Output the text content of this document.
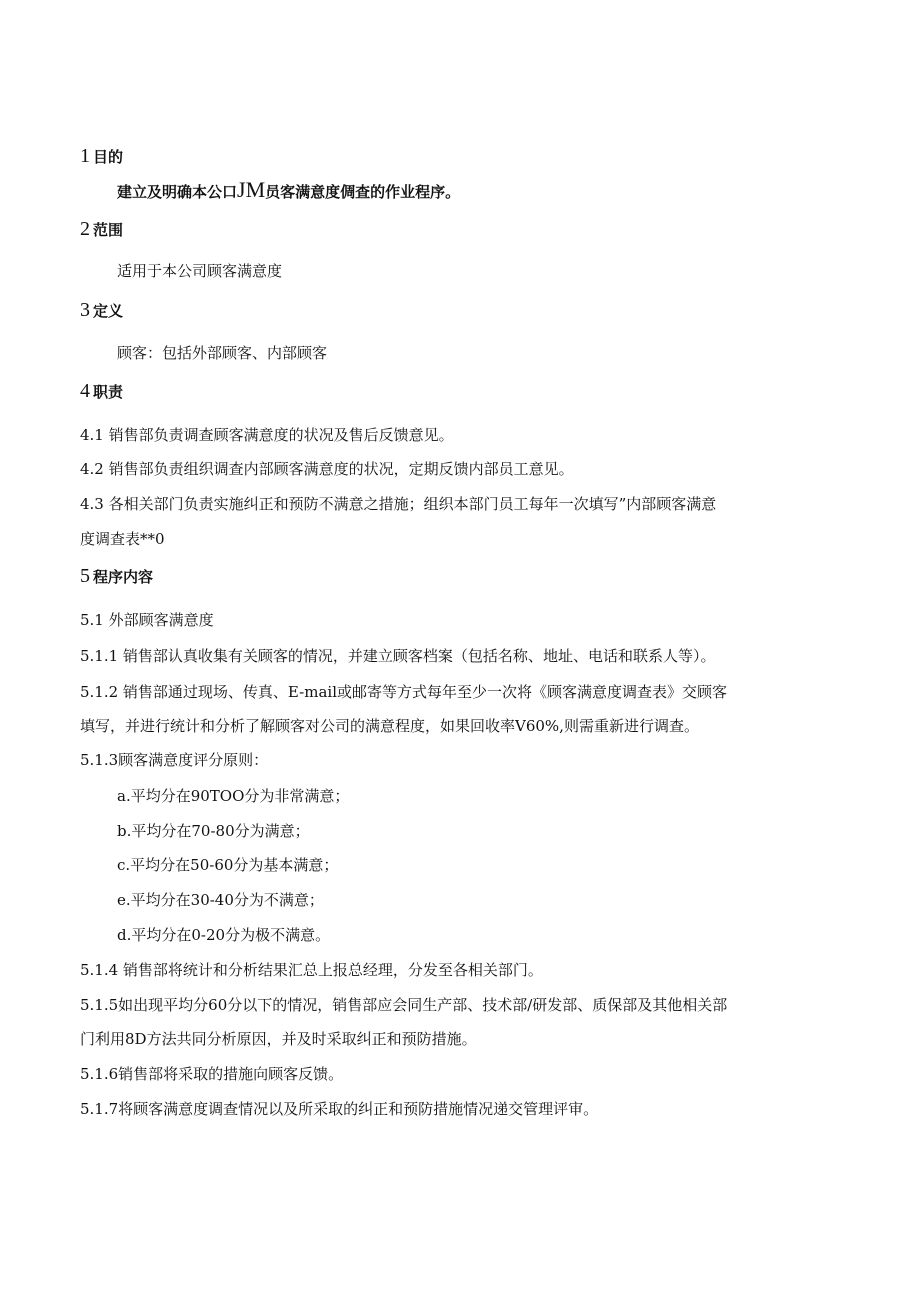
1 目的
建立及明确本公口JM员客满意度倜查的作业程序。
2 范围
适用于本公司顾客满意度
3 定义
顾客：包括外部顾客、内部顾客
4 职责
4.1 销售部负责调查顾客满意度的状况及售后反馈意见。
4.2 销售部负责组织调查内部顾客满意度的状况，定期反馈内部员工意见。
4.3 各相关部门负责实施纠正和预防不满意之措施；组织本部门员工每年一次填写”内部顾客满意
度调查表**0
5 程序内容
5.1 外部顾客满意度
5.1.1 销售部认真收集有关顾客的情况，并建立顾客档案（包括名称、地址、电话和联系人等）。
5.1.2 销售部通过现场、传真、E-mail或邮寄等方式每年至少一次将《顾客满意度调查表》交顾客
填写，并进行统计和分析了解顾客对公司的满意程度，如果回收率V60%,则需重新进行调查。
5.1.3顾客满意度评分原则：
a.平均分在90TOO分为非常满意；
b.平均分在70-80分为满意；
c.平均分在50-60分为基本满意；
e.平均分在30-40分为不满意；
d.平均分在0-20分为极不满意。
5.1.4 销售部将统计和分析结果汇总上报总经理，分发至各相关部门。
5.1.5如出现平均分60分以下的情况，销售部应会同生产部、技术部/研发部、质保部及其他相关部
门利用8D方法共同分析原因，并及时采取纠正和预防措施。
5.1.6销售部将采取的措施向顾客反馈。
5.1.7将顾客满意度调查情况以及所采取的纠正和预防措施情况递交管理评审。
